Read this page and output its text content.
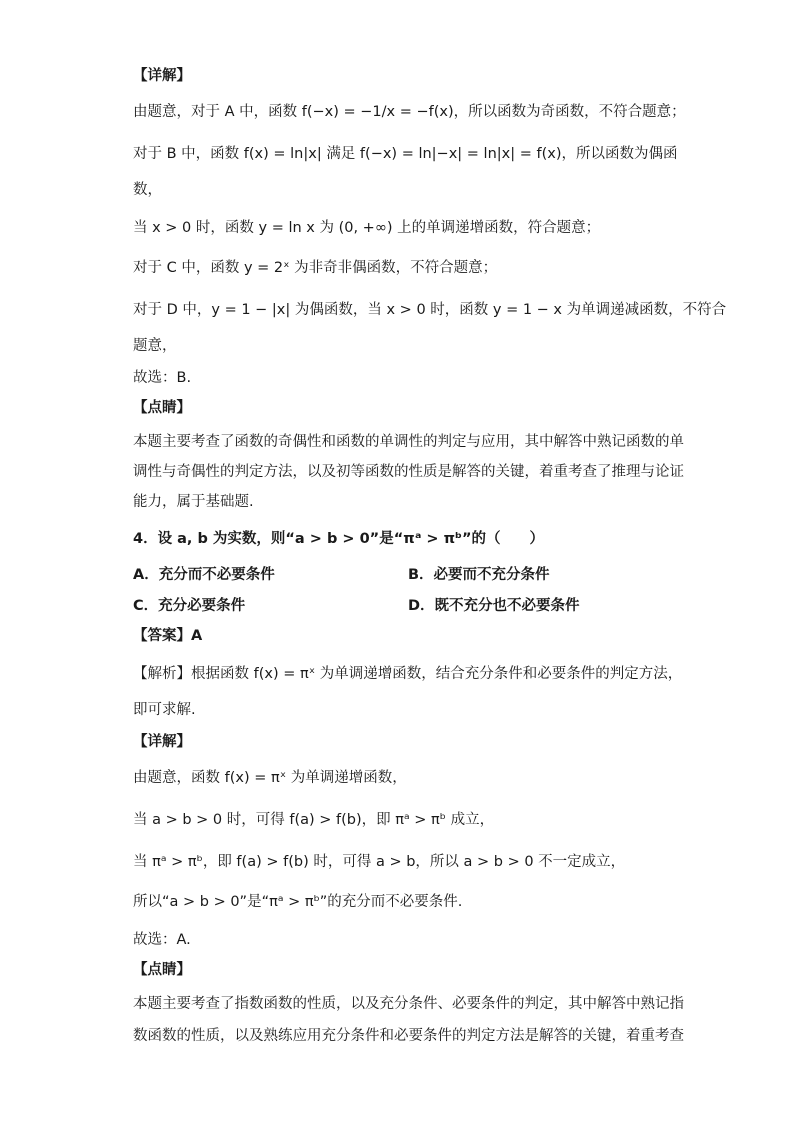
【详解】
由题意，对于 A 中，函数 f(−x) = −1/x = −f(x)，所以函数为奇函数，不符合题意；
对于 B 中，函数 f(x) = ln|x| 满足 f(−x) = ln|−x| = ln|x| = f(x)，所以函数为偶函
数，
当 x > 0 时，函数 y = ln x 为 (0, +∞) 上的单调递增函数，符合题意；
对于 C 中，函数 y = 2ˣ 为非奇非偶函数，不符合题意；
对于 D 中，y = 1 − |x| 为偶函数，当 x > 0 时，函数 y = 1 − x 为单调递减函数，不符合
题意，
故选：B.
【点睛】
本题主要考查了函数的奇偶性和函数的单调性的判定与应用，其中解答中熟记函数的单
调性与奇偶性的判定方法，以及初等函数的性质是解答的关键，着重考查了推理与论证
能力，属于基础题.
4．设 a, b 为实数，则“a > b > 0”是“πᵃ > πᵇ”的（　　）
A．充分而不必要条件	B．必要而不充分条件
C．充分必要条件	D．既不充分也不必要条件
【答案】A
【解析】根据函数 f(x) = πˣ 为单调递增函数，结合充分条件和必要条件的判定方法，
即可求解.
【详解】
由题意，函数 f(x) = πˣ 为单调递增函数，
当 a > b > 0 时，可得 f(a) > f(b)，即 πᵃ > πᵇ 成立，
当 πᵃ > πᵇ，即 f(a) > f(b) 时，可得 a > b，所以 a > b > 0 不一定成立，
所以“a > b > 0”是“πᵃ > πᵇ”的充分而不必要条件.
故选：A.
【点睛】
本题主要考查了指数函数的性质，以及充分条件、必要条件的判定，其中解答中熟记指
数函数的性质，以及熟练应用充分条件和必要条件的判定方法是解答的关键，着重考查
